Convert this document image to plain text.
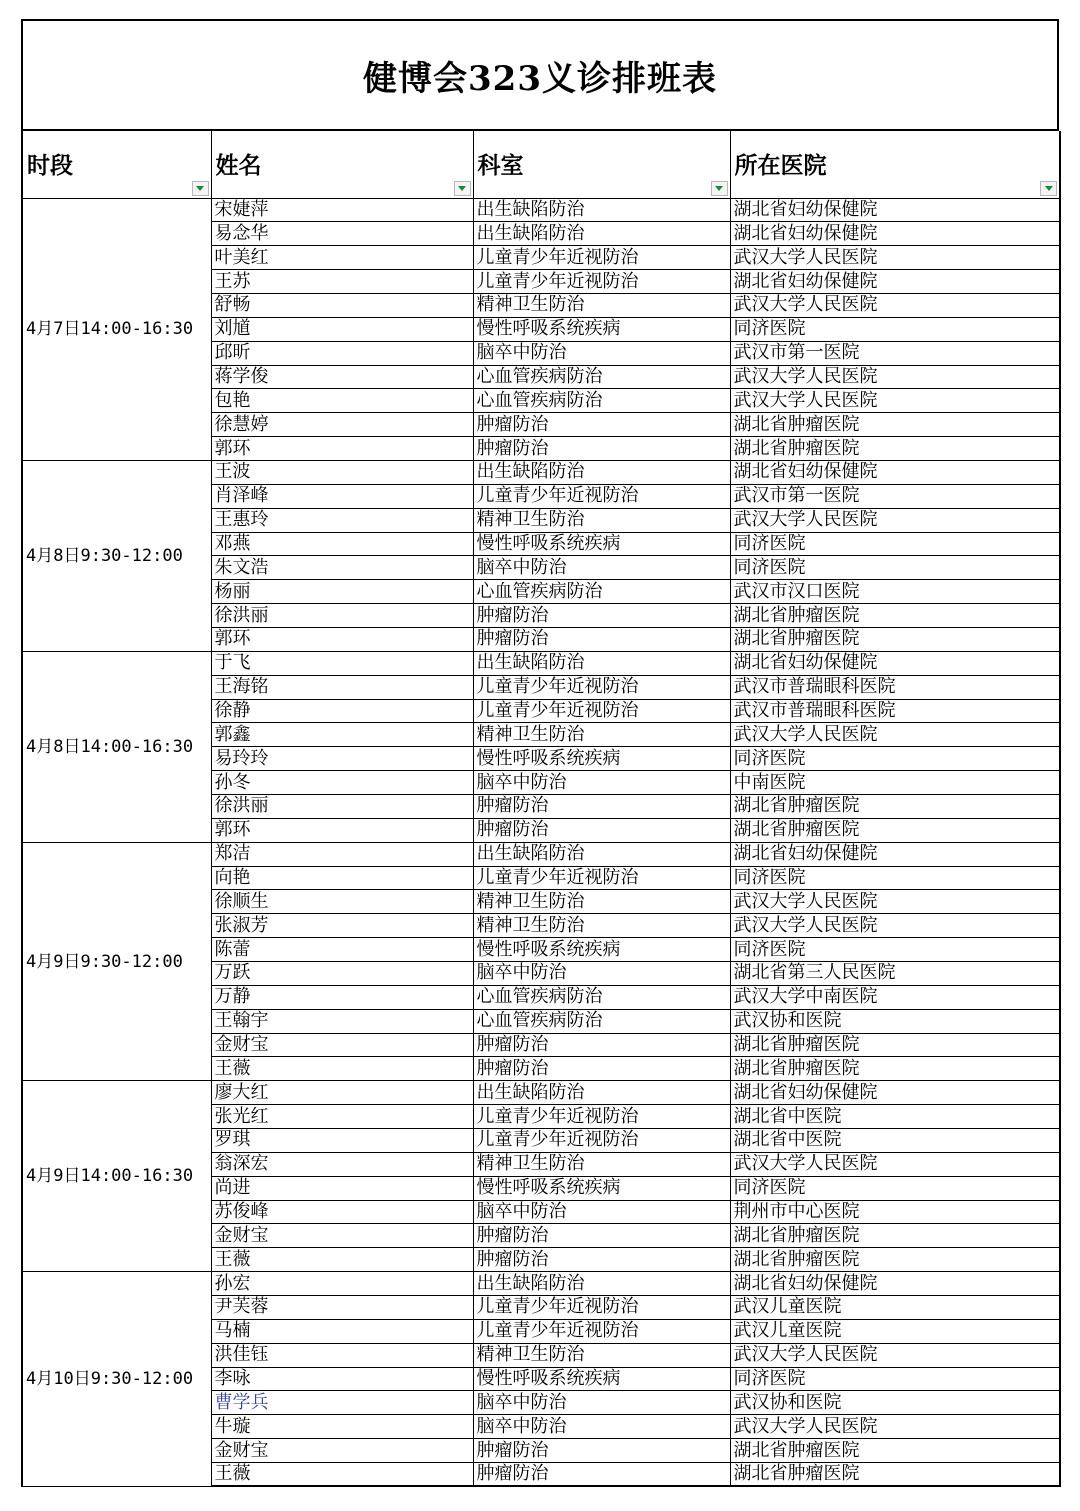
健博会323义诊排班表
时段	姓名	科室	所在医院

4月7日14:00-16:30	宋婕萍	出生缺陷防治	湖北省妇幼保健院
	易念华	出生缺陷防治	湖北省妇幼保健院
	叶美红	儿童青少年近视防治	武汉大学人民医院
	王苏	儿童青少年近视防治	湖北省妇幼保健院
	舒畅	精神卫生防治	武汉大学人民医院
	刘馗	慢性呼吸系统疾病	同济医院
	邱昕	脑卒中防治	武汉市第一医院
	蒋学俊	心血管疾病防治	武汉大学人民医院
	包艳	心血管疾病防治	武汉大学人民医院
	徐慧婷	肿瘤防治	湖北省肿瘤医院
	郭环	肿瘤防治	湖北省肿瘤医院
4月8日9:30-12:00	王波	出生缺陷防治	湖北省妇幼保健院
	肖泽峰	儿童青少年近视防治	武汉市第一医院
	王惠玲	精神卫生防治	武汉大学人民医院
	邓燕	慢性呼吸系统疾病	同济医院
	朱文浩	脑卒中防治	同济医院
	杨丽	心血管疾病防治	武汉市汉口医院
	徐洪丽	肿瘤防治	湖北省肿瘤医院
	郭环	肿瘤防治	湖北省肿瘤医院
4月8日14:00-16:30	于飞	出生缺陷防治	湖北省妇幼保健院
	王海铭	儿童青少年近视防治	武汉市普瑞眼科医院
	徐静	儿童青少年近视防治	武汉市普瑞眼科医院
	郭鑫	精神卫生防治	武汉大学人民医院
	易玲玲	慢性呼吸系统疾病	同济医院
	孙冬	脑卒中防治	中南医院
	徐洪丽	肿瘤防治	湖北省肿瘤医院
	郭环	肿瘤防治	湖北省肿瘤医院
4月9日9:30-12:00	郑洁	出生缺陷防治	湖北省妇幼保健院
	向艳	儿童青少年近视防治	同济医院
	徐顺生	精神卫生防治	武汉大学人民医院
	张淑芳	精神卫生防治	武汉大学人民医院
	陈蕾	慢性呼吸系统疾病	同济医院
	万跃	脑卒中防治	湖北省第三人民医院
	万静	心血管疾病防治	武汉大学中南医院
	王翰宇	心血管疾病防治	武汉协和医院
	金财宝	肿瘤防治	湖北省肿瘤医院
	王薇	肿瘤防治	湖北省肿瘤医院
4月9日14:00-16:30	廖大红	出生缺陷防治	湖北省妇幼保健院
	张光红	儿童青少年近视防治	湖北省中医院
	罗琪	儿童青少年近视防治	湖北省中医院
	翁深宏	精神卫生防治	武汉大学人民医院
	尚进	慢性呼吸系统疾病	同济医院
	苏俊峰	脑卒中防治	荆州市中心医院
	金财宝	肿瘤防治	湖北省肿瘤医院
	王薇	肿瘤防治	湖北省肿瘤医院
4月10日9:30-12:00	孙宏	出生缺陷防治	湖北省妇幼保健院
	尹芙蓉	儿童青少年近视防治	武汉儿童医院
	马楠	儿童青少年近视防治	武汉儿童医院
	洪佳钰	精神卫生防治	武汉大学人民医院
	李咏	慢性呼吸系统疾病	同济医院
	曹学兵	脑卒中防治	武汉协和医院
	牛璇	脑卒中防治	武汉大学人民医院
	金财宝	肿瘤防治	湖北省肿瘤医院
	王薇	肿瘤防治	湖北省肿瘤医院
